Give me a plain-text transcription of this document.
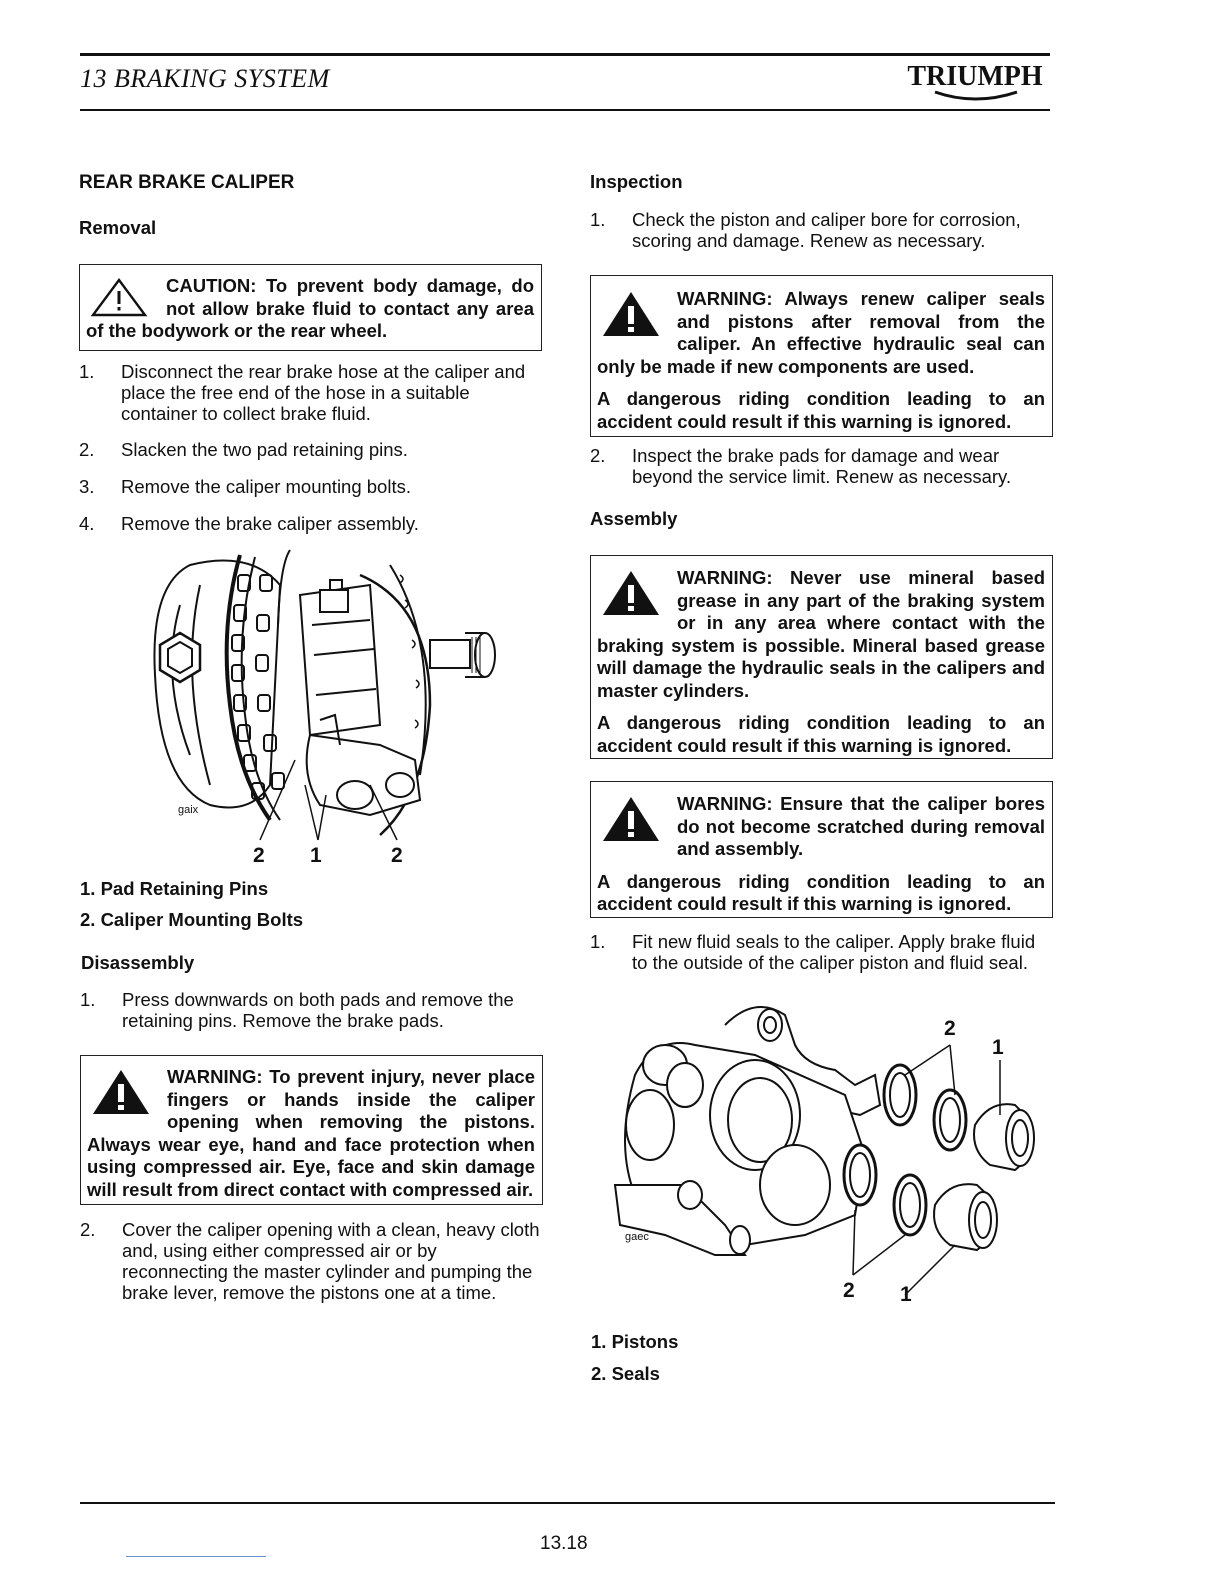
13 BRAKING SYSTEM	TRIUMPH
REAR BRAKE CALIPER
Removal

CAUTION: To prevent body damage, do not allow brake fluid to contact any area of the bodywork or the rear wheel.

1.	Disconnect the rear brake hose at the caliper and place the free end of the hose in a suitable container to collect brake fluid.
2.	Slacken the two pad retaining pins.
3.	Remove the caliper mounting bolts.
4.	Remove the brake caliper assembly.
gaix
2 1	2
1. Pad Retaining Pins
2. Caliper Mounting Bolts
Disassembly
1.	Press downwards on both pads and remove the retaining pins. Remove the brake pads.

WARNING: To prevent injury, never place fingers or hands inside the caliper opening when removing the pistons. Always wear eye, hand and face protection when using compressed air. Eye, face and skin damage will result from direct contact with compressed air.

2.	Cover the caliper opening with a clean, heavy cloth and, using either compressed air or by reconnecting the master cylinder and pumping the brake lever, remove the pistons one at a time.
Inspection
1.	Check the piston and caliper bore for corrosion, scoring and damage. Renew as necessary.

WARNING: Always renew caliper seals and pistons after removal from the caliper. An effective hydraulic seal can only be made if new components are used.

A dangerous riding condition leading to an accident could result if this warning is ignored.

2.	Inspect the brake pads for damage and wear beyond the service limit. Renew as necessary.
Assembly

WARNING: Never use mineral based grease in any part of the braking system or in any area where contact with the braking system is possible. Mineral based grease will damage the hydraulic seals in the calipers and master cylinders.

A dangerous riding condition leading to an accident could result if this warning is ignored.

WARNING: Ensure that the caliper bores do not become scratched during removal and assembly.

A dangerous riding condition leading to an accident could result if this warning is ignored.

1.	Fit new fluid seals to the caliper. Apply brake fluid to the outside of the caliper piston and fluid seal.
gaec
2
1
2 1
1. Pistons
2. Seals
13.18
